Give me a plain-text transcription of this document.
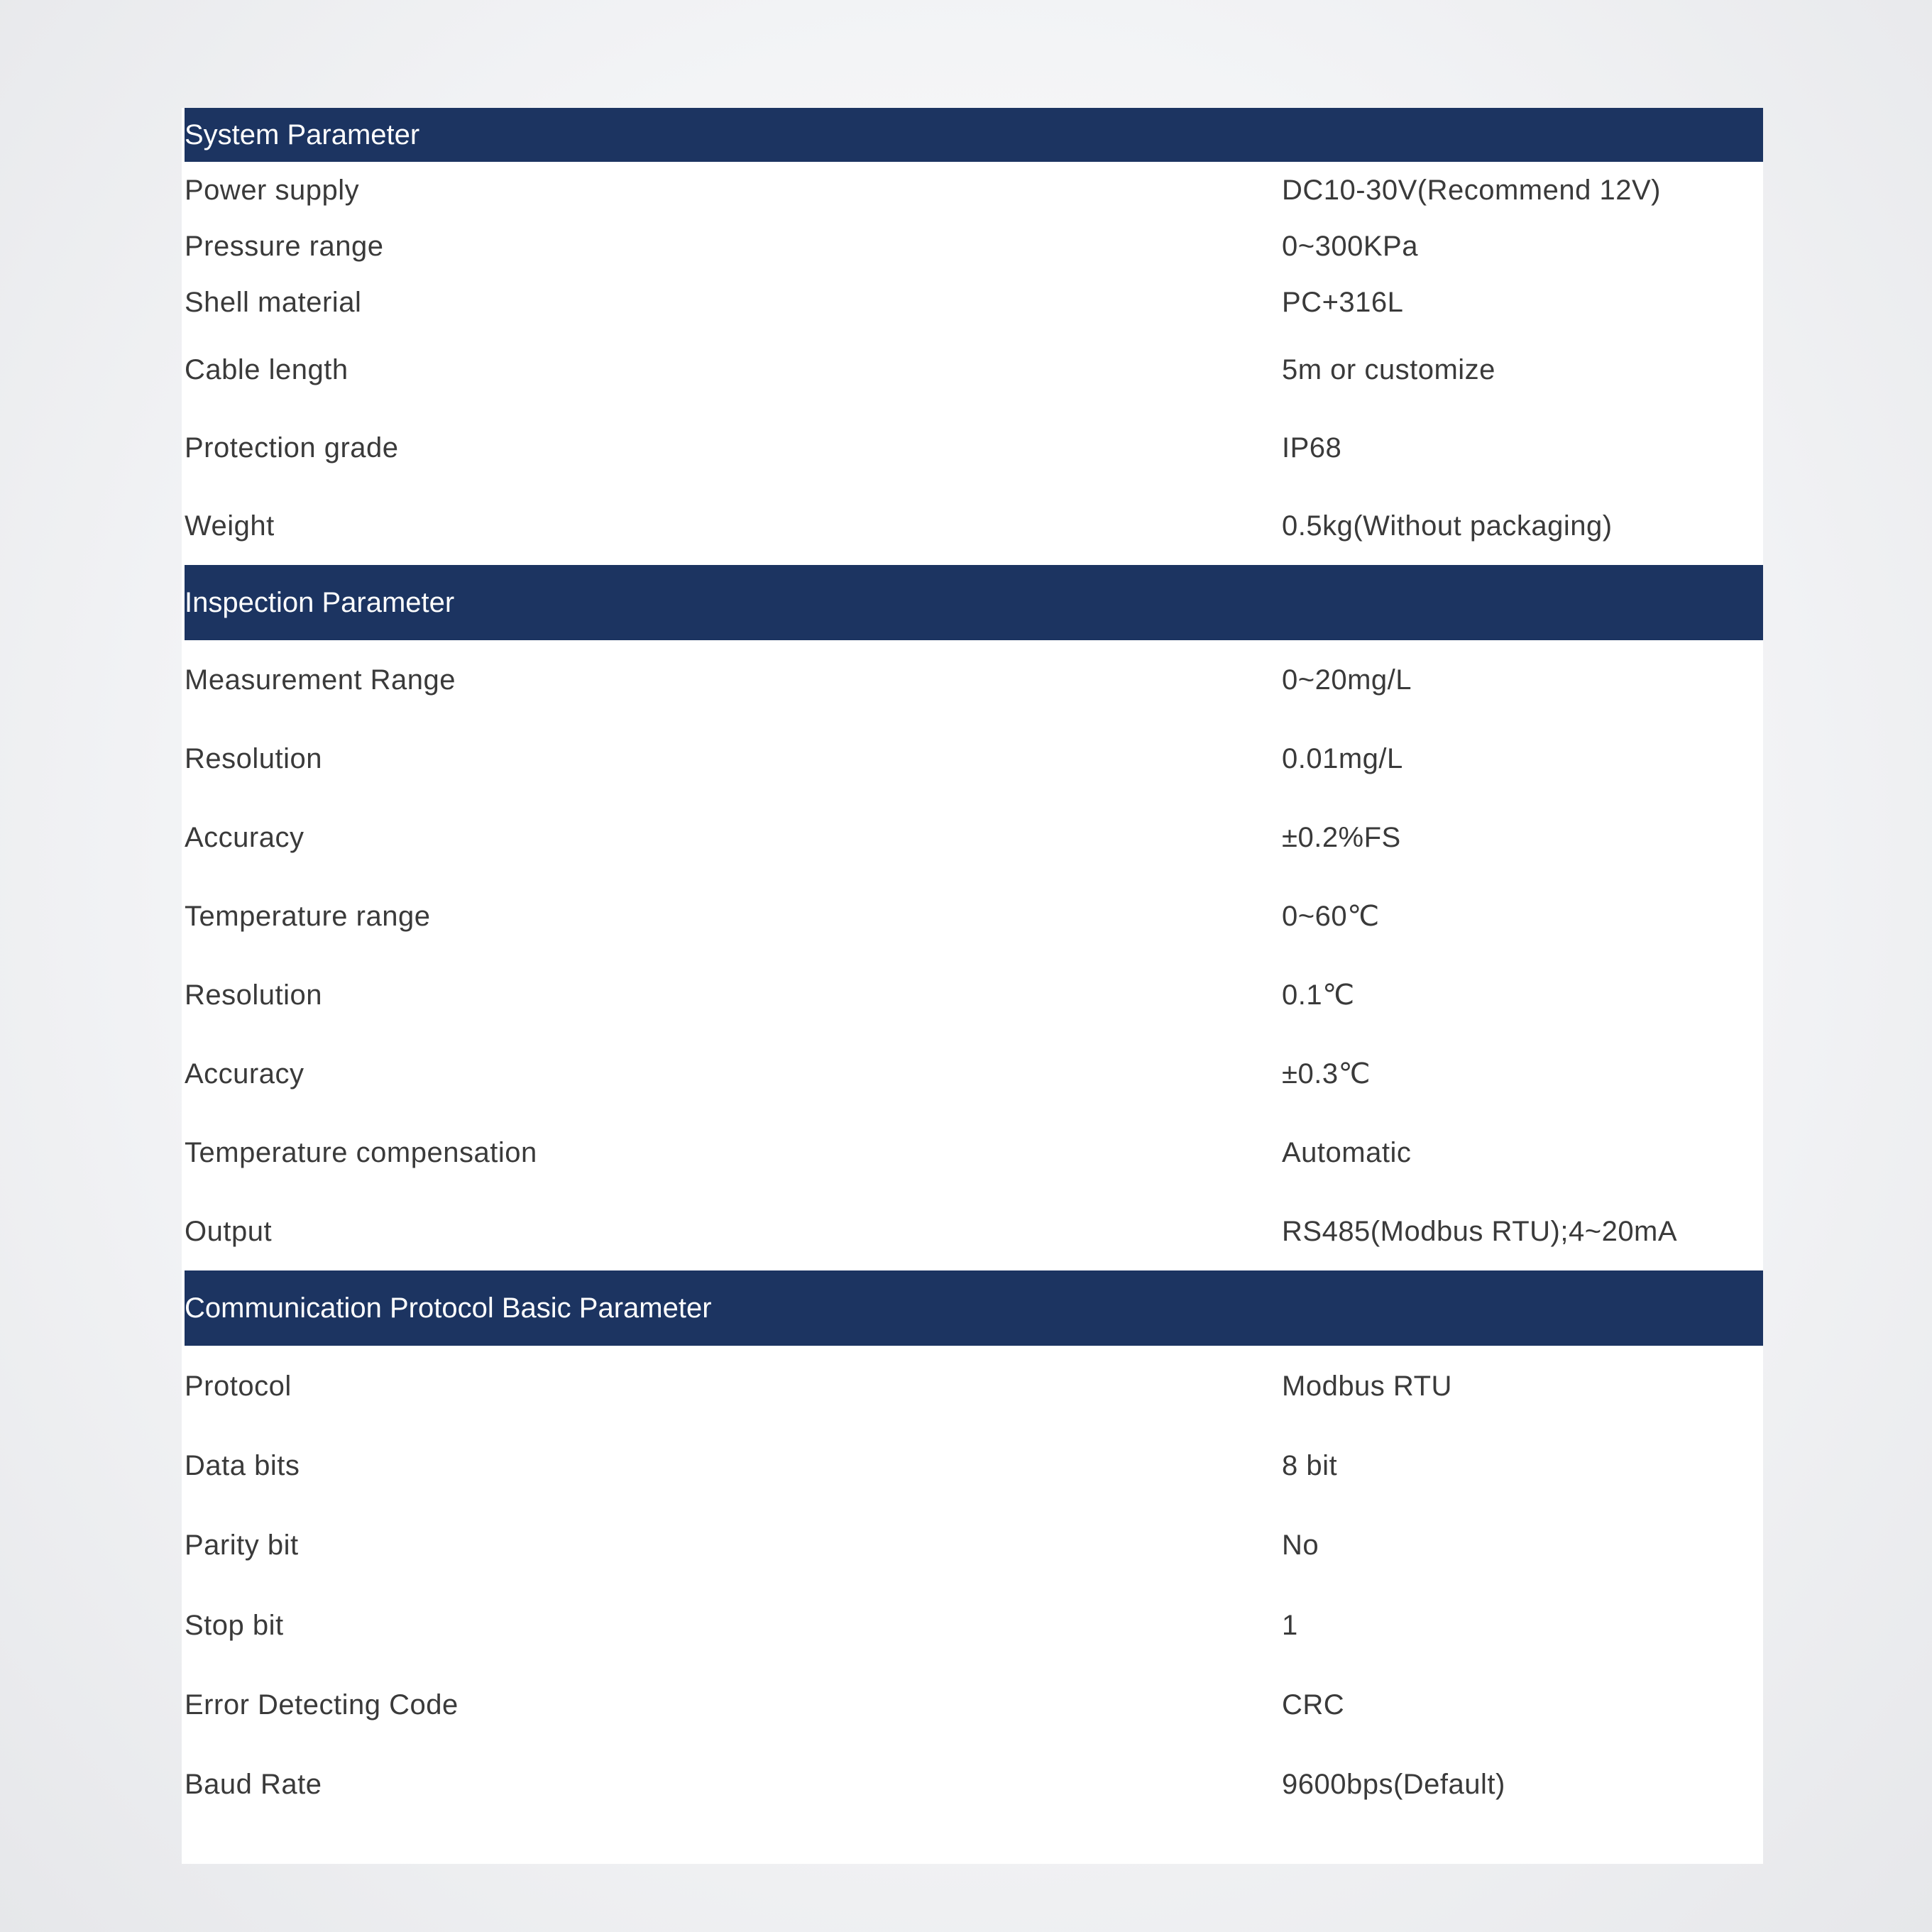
System Parameter	
Power supply	DC10-30V(Recommend 12V)
Pressure range	0~300KPa
Shell material	PC+316L
Cable length	5m or customize
Protection grade	IP68
Weight	0.5kg(Without packaging)
Inspection Parameter	
Measurement Range	0~20mg/L
Resolution	0.01mg/L
Accuracy	±0.2%FS
Temperature range	0~60℃
Resolution	0.1℃
Accuracy	±0.3℃
Temperature compensation	Automatic
Output	RS485(Modbus RTU);4~20mA
Communication Protocol Basic Parameter	
Protocol	Modbus RTU
Data bits	8 bit
Parity bit	No
Stop bit	1
Error Detecting Code	CRC
Baud Rate	9600bps(Default)
